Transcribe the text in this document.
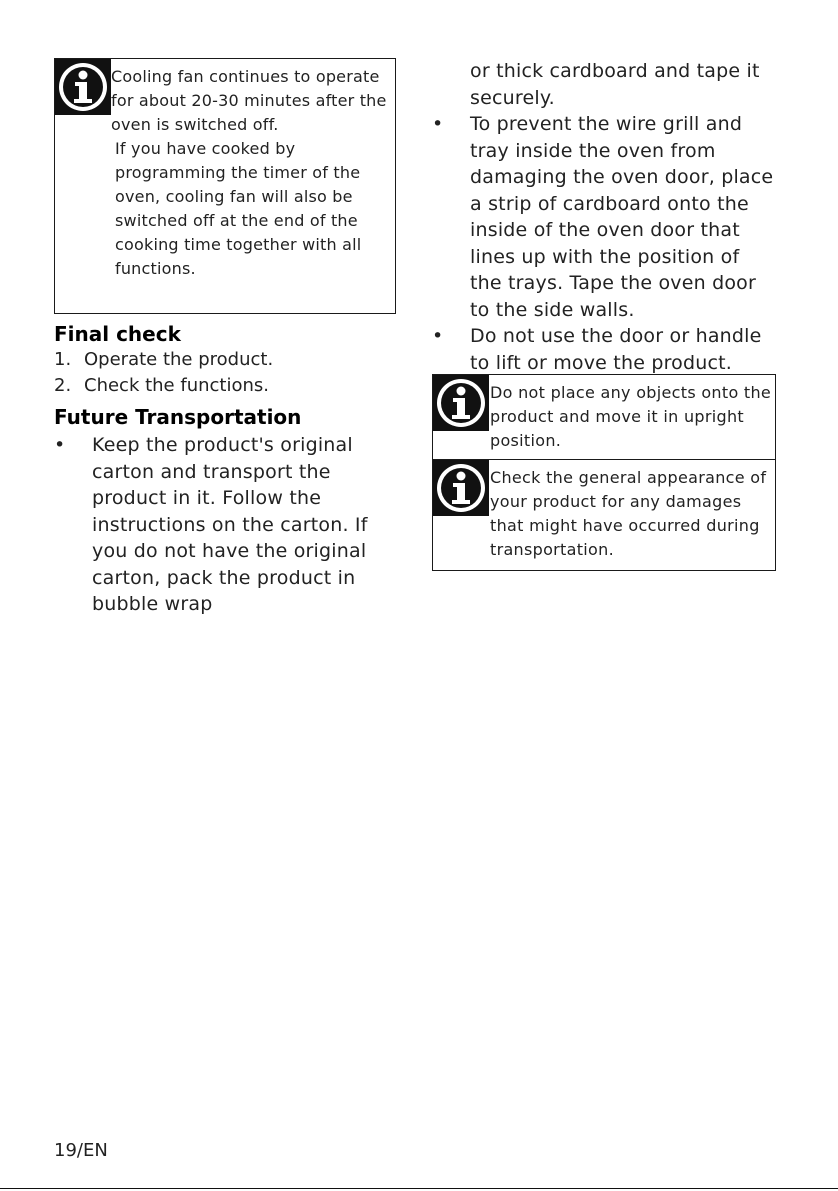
Cooling fan continues to operate for about 20-30 minutes after the oven is switched off.

If you have cooked by programming the timer of the oven, cooling fan will also be switched off at the end of the cooking time together with all functions.

Final check
1. Operate the product.
2. Check the functions.
Future Transportation
• Keep the product's original carton and transport the product in it. Follow the instructions on the carton. If you do not have the original carton, pack the product in bubble wrap
or thick cardboard and tape it securely.
• To prevent the wire grill and tray inside the oven from damaging the oven door, place a strip of cardboard onto the inside of the oven door that lines up with the position of the trays. Tape the oven door to the side walls.
• Do not use the door or handle to lift or move the product.
Do not place any objects onto the product and move it in upright position.
Check the general appearance of your product for any damages that might have occurred during transportation.
19/EN
